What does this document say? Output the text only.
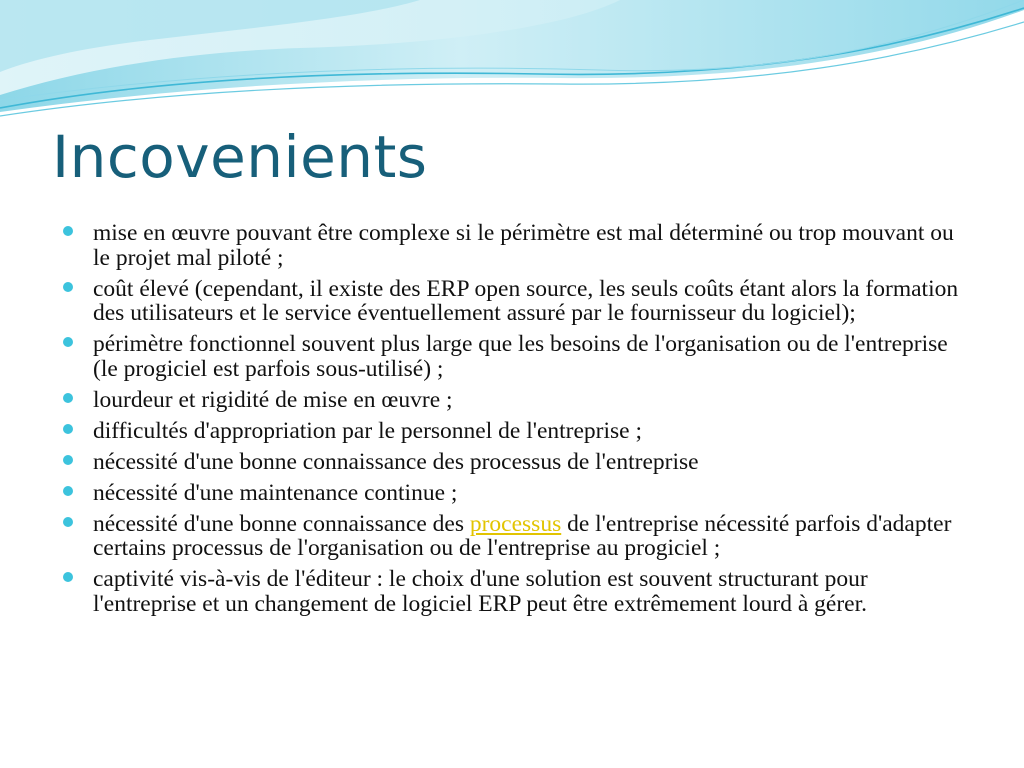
Incovenients
mise en œuvre pouvant être complexe si le périmètre est mal déterminé ou trop mouvant ou le projet mal piloté ;
coût élevé (cependant, il existe des ERP open source, les seuls coûts étant alors la formation des utilisateurs et le service éventuellement assuré par le fournisseur du logiciel);
périmètre fonctionnel souvent plus large que les besoins de l'organisation ou de l'entreprise (le progiciel est parfois sous-utilisé) ;
lourdeur et rigidité de mise en œuvre ;
difficultés d'appropriation par le personnel de l'entreprise ;
nécessité d'une bonne connaissance des processus de l'entreprise
nécessité d'une maintenance continue ;
nécessité d'une bonne connaissance des processus de l'entreprise nécessité parfois d'adapter certains processus de l'organisation ou de l'entreprise au progiciel ;
captivité vis-à-vis de l'éditeur : le choix d'une solution est souvent structurant pour l'entreprise et un changement de logiciel ERP peut être extrêmement lourd à gérer.
